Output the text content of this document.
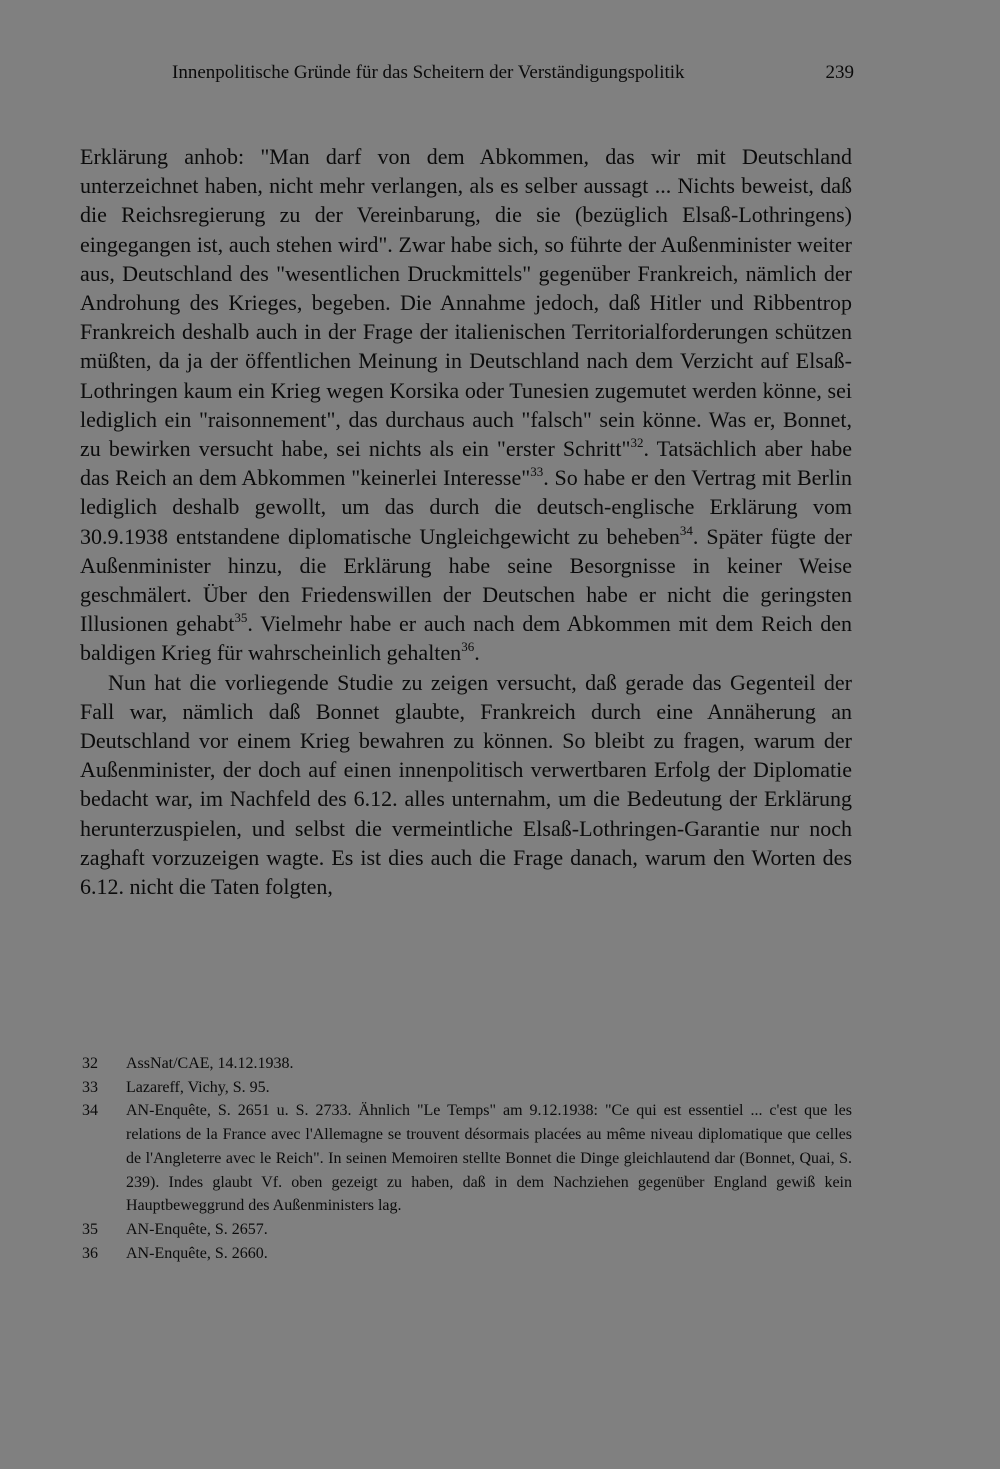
Innenpolitische Gründe für das Scheitern der Verständigungspolitik	239

Erklärung anhob: "Man darf von dem Abkommen, das wir mit Deutschland unterzeichnet haben, nicht mehr verlangen, als es selber aussagt ... Nichts beweist, daß die Reichsregierung zu der Vereinbarung, die sie (bezüglich Elsaß-Lothringens) eingegangen ist, auch stehen wird". Zwar habe sich, so führte der Außenminister weiter aus, Deutschland des "wesentlichen Druckmittels" gegenüber Frankreich, nämlich der Androhung des Krieges, begeben. Die Annahme jedoch, daß Hitler und Ribbentrop Frankreich deshalb auch in der Frage der italienischen Territorialforderungen schützen müßten, da ja der öffentlichen Meinung in Deutschland nach dem Verzicht auf Elsaß-Lothringen kaum ein Krieg wegen Korsika oder Tunesien zugemutet werden könne, sei lediglich ein "raisonnement", das durchaus auch "falsch" sein könne. Was er, Bonnet, zu bewirken versucht habe, sei nichts als ein "erster Schritt"$^{32}$. Tatsächlich aber habe das Reich an dem Abkommen "keinerlei Interesse"$^{33}$. So habe er den Vertrag mit Berlin lediglich deshalb gewollt, um das durch die deutsch-englische Erklärung vom 30.9.1938 entstandene diplomatische Ungleichgewicht zu beheben$^{34}$. Später fügte der Außenminister hinzu, die Erklärung habe seine Besorgnisse in keiner Weise geschmälert. Über den Friedenswillen der Deutschen habe er nicht die geringsten Illusionen gehabt$^{35}$. Vielmehr habe er auch nach dem Abkommen mit dem Reich den baldigen Krieg für wahrscheinlich gehalten$^{36}$.

Nun hat die vorliegende Studie zu zeigen versucht, daß gerade das Gegenteil der Fall war, nämlich daß Bonnet glaubte, Frankreich durch eine Annäherung an Deutschland vor einem Krieg bewahren zu können. So bleibt zu fragen, warum der Außenminister, der doch auf einen innenpolitisch verwertbaren Erfolg der Diplomatie bedacht war, im Nachfeld des 6.12. alles unternahm, um die Bedeutung der Erklärung herunterzuspielen, und selbst die vermeintliche Elsaß-Lothringen-Garantie nur noch zaghaft vorzuzeigen wagte. Es ist dies auch die Frage danach, warum den Worten des 6.12. nicht die Taten folgten,

32	AssNat/CAE, 14.12.1938.
33	Lazareff, Vichy, S. 95.
34	AN-Enquête, S. 2651 u. S. 2733. Ähnlich "Le Temps" am 9.12.1938: "Ce qui est essentiel ... c'est que les relations de la France avec l'Allemagne se trouvent désormais placées au même niveau diplomatique que celles de l'Angleterre avec le Reich". In seinen Memoiren stellte Bonnet die Dinge gleichlautend dar (Bonnet, Quai, S. 239). Indes glaubt Vf. oben gezeigt zu haben, daß in dem Nachziehen gegenüber England gewiß kein Hauptbeweggrund des Außenministers lag.
35	AN-Enquête, S. 2657.
36	AN-Enquête, S. 2660.
